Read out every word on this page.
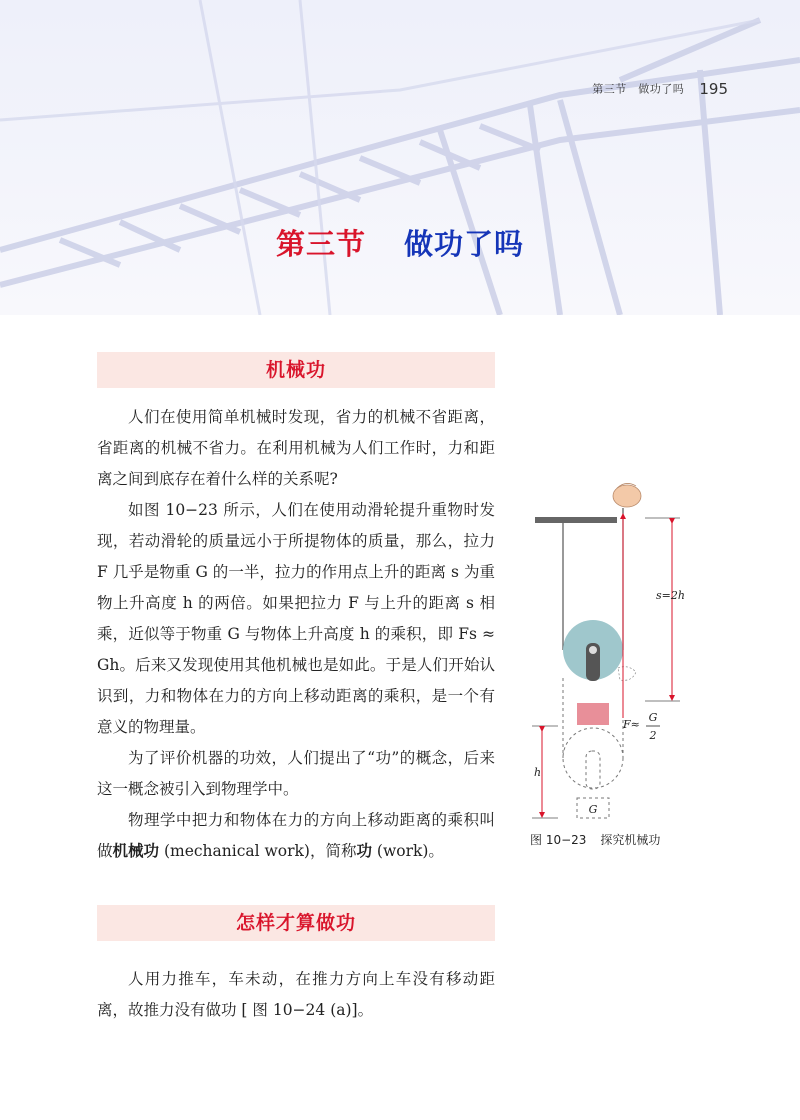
第三节　做功了吗 195
第三节 做功了吗
机械功
人们在使用简单机械时发现，省力的机械不省距离，省距离的机械不省力。在利用机械为人们工作时，力和距离之间到底存在着什么样的关系呢?
如图 10−23 所示，人们在使用动滑轮提升重物时发现，若动滑轮的质量远小于所提物体的质量，那么，拉力 F 几乎是物重 G 的一半，拉力的作用点上升的距离 s 为重物上升高度 h 的两倍。如果把拉力 F 与上升的距离 s 相乘，近似等于物重 G 与物体上升高度 h 的乘积，即 Fs ≈ Gh。后来又发现使用其他机械也是如此。于是人们开始认识到，力和物体在力的方向上移动距离的乘积，是一个有意义的物理量。
为了评价机器的功效，人们提出了“功”的概念，后来这一概念被引入到物理学中。
物理学中把力和物体在力的方向上移动距离的乘积叫做机械功 (mechanical work)，简称功 (work)。
怎样才算做功
人用力推车，车未动，在推力方向上车没有移动距离，故推力没有做功 [ 图 10−24 (a)]。
G
s=2h
F≈
G
2
h
图 10−23 探究机械功
